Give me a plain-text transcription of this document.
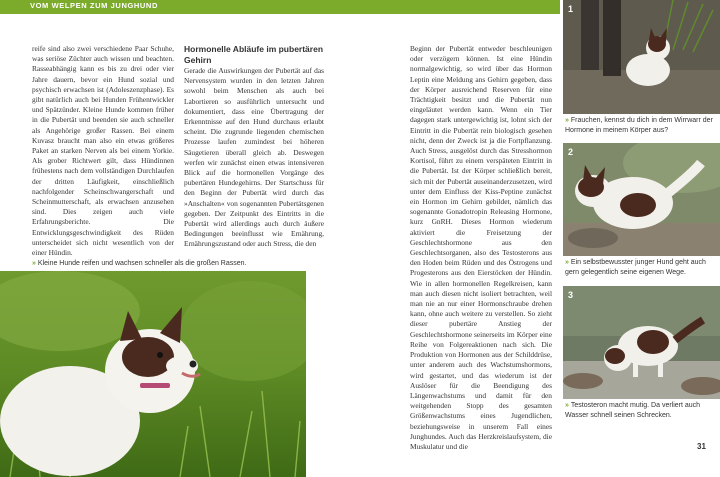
VOM WELPEN ZUM JUNGHUND

reife sind also zwei verschiedene Paar Schuhe, was seriöse Züchter auch wissen und beachten. Rasseabhängig kann es bis zu drei oder vier Jahre dauern, bevor ein Hund sozial und psychisch erwachsen ist (Adoleszenzphase). Es gibt natürlich auch bei Hunden Frühentwickler und Spätzünder. Kleine Hunde kommen früher in die Pubertät und beenden sie auch schneller als Angehörige großer Rassen. Bei einem Kuvasz braucht man also ein etwas größeres Paket an starken Nerven als bei einem Yorkie. Als grober Richtwert gilt, dass Hündinnen frühestens nach dem vollständigen Durchlaufen der dritten Läufigkeit, einschließlich nachfolgender Scheinschwangerschaft und Scheinmutterschaft, als erwachsen anzusehen sind. Dies zeigen auch viele Erfahrungsberichte. Die Entwicklungsgeschwindigkeit des Rüden unterscheidet sich nicht wesentlich von der einer Hündin.

Hormonelle Abläufe im pubertären Gehirn

Gerade die Auswirkungen der Pubertät auf das Nervensystem wurden in den letzten Jahren sowohl beim Menschen als auch bei Labortieren so ausführlich untersucht und dokumentiert, dass eine Übertragung der Erkenntnisse auf den Hund durchaus erlaubt scheint. Die zugrunde liegenden chemischen Prozesse laufen zumindest bei höheren Säugetieren überall gleich ab. Deswegen werfen wir zunächst einen etwas intensiveren Blick auf die hormonellen Vorgänge des pubertären Hundegehirns. Der Startschuss für den Beginn der Pubertät wird durch das »Anschalten« von sogenannten Pubertätsgenen gegeben. Der Zeitpunkt des Eintritts in die Pubertät wird allerdings auch durch äußere Bedingungen beeinflusst wie Ernährung, Ernährungszustand oder auch Stress, die den

Beginn der Pubertät entweder beschleunigen oder verzögern können. Ist eine Hündin normalgewichtig, so wird über das Hormon Leptin eine Meldung ans Gehirn gegeben, dass der Körper ausreichend Reserven für eine Trächtigkeit besitzt und die Pubertät nun eingeläutet werden kann. Wenn ein Tier dagegen stark untergewichtig ist, lohnt sich der Eintritt in die Pubertät rein biologisch gesehen nicht, denn der Zweck ist ja die Fortpflanzung. Auch Stress, ausgelöst durch das Stresshormon Kortisol, führt zu einem verspäteten Eintritt in die Pubertät. Ist der Körper schließlich bereit, sich mit der Pubertät auseinanderzusetzen, wird unter dem Einfluss der Kiss-Peptine zunächst ein Hormon im Gehirn gebildet, nämlich das sogenannte Gonadotropin Releasing Hormone, kurz GnRH. Dieses Hormon wiederum aktiviert die Freisetzung der Geschlechtshormone aus den Geschlechtsorganen, also des Testosterons aus den Hoden beim Rüden und des Östrogens und Progesterons aus den Eierstöcken der Hündin. Wie in allen hormonellen Regelkreisen, kann man auch diesen nicht isoliert betrachten, weil man nie an nur einer Hormonschraube drehen kann, ohne auch weitere zu verstellen. So zieht dieser pubertäre Anstieg der Geschlechtshormone seinerseits im Körper eine Reihe von Folgereaktionen nach sich. Die Produktion von Hormonen aus der Schilddrüse, unter anderem auch des Wachstumshormons, wird gestartet, und das wiederum ist der Auslöser für die Beendigung des Längenwachstums und damit für den weitgehenden Stopp des gesamten Größenwachstums eines Jugendlichen, beziehungsweise in unserem Fall eines Junghundes. Auch das Herzkreislaufsystem, die Muskulatur und die

» Kleine Hunde reifen und wachsen schneller als die großen Rassen.
1
» Frauchen, kennst du dich in dem Wirrwarr der Hormone in meinem Körper aus?
2
» Ein selbstbewusster junger Hund geht auch gern gelegentlich seine eigenen Wege.
3
» Testosteron macht mutig. Da verliert auch Wasser schnell seinen Schrecken.
31
